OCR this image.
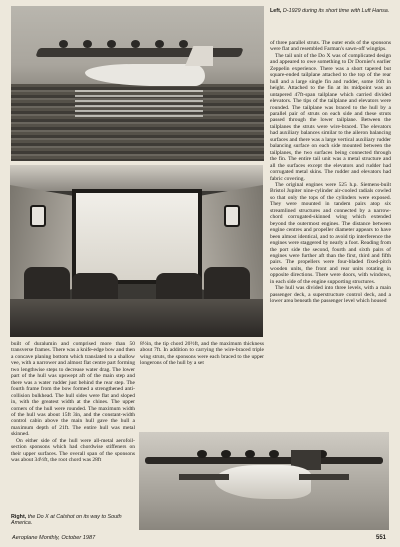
Left, D-1929 during its short time with Luft Hansa.

of three parallel struts. The outer ends of the sponsons were flat and resembled Farman's sawn-off wingtips.

The tail unit of the Do X was of complicated design and appeared to owe something to Dr Dornier's earlier Zeppelin experience. There was a short tapered but square-ended tailplane attached to the top of the rear hull and a large single fin and rudder, some 16ft in height. Attached to the fin at its midpoint was an untapered 47ft-span tailplane which carried divided elevators. The tips of the tailplane and elevators were rounded. The tailplane was braced to the hull by a parallel pair of struts on each side and these struts passed through the lower tailplane. Between the tailplanes the struts were wire-braced. The elevators had auxiliary balances similar to the aileron balancing surfaces and there was a large vertical auxiliary rudder balancing surface on each side mounted between the tailplanes, the two surfaces being connected through the fin. The entire tail unit was a metal structure and all the surfaces except the elevators and rudder had corrugated metal skins. The rudder and elevators had fabric covering.

The original engines were 525 h.p. Siemens-built Bristol Jupiter nine-cylinder air-cooled radials cowled so that only the tops of the cylinders were exposed. They were mounted in tandem pairs atop six streamlined structures and connected by a narrow-chord corrugated-skinned wing which extended beyond the outermost engines. The distance between engine centres and propeller diameter appears to have been almost identical, and to avoid tip interference the engines were staggered by nearly a foot. Reading from the port side the second, fourth and sixth pairs of engines were further aft than the first, third and fifth pairs. The propellers were four-bladed fixed-pitch wooden units, the front and rear units rotating in opposite directions. There were doors, with windows, in each side of the engine supporting structures.

The hull was divided into three levels, with a main passenger deck, a superstructure control deck, and a lower area beneath the passenger level which housed

built of duralumin and comprised more than 50 transverse frames. There was a knife-edge bow and then a concave planing bottom which translated to a shallow vee, with a narrower and almost flat centre part forming two lengthwise steps to decrease water drag. The lower part of the hull was upswept aft of the main step and there was a water rudder just behind the rear step. The fourth frame from the bow formed a strengthened anti-collision bulkhead. The hull sides were flat and sloped in, with the greatest width at the chines. The upper corners of the hull were rounded. The maximum width of the hull was about 15ft 3in, and the constant-width control cabin above the main hull gave the hull a maximum depth of 21ft. The entire hull was metal skinned.

On either side of the hull were all-metal aerofoil-section sponsons which had chordwise stiffeners on their upper surfaces. The overall span of the sponsons was about 34½ft, the root chord was 28ft

8½in, the tip chord 20½ft, and the maximum thickness about 7ft. In addition to carrying the wire-braced triple wing struts, the sponsons were each braced to the upper longerons of the hull by a set

Right, the Do X at Calshot on its way to South America.
Aeroplane Monthly, October 1987	551
